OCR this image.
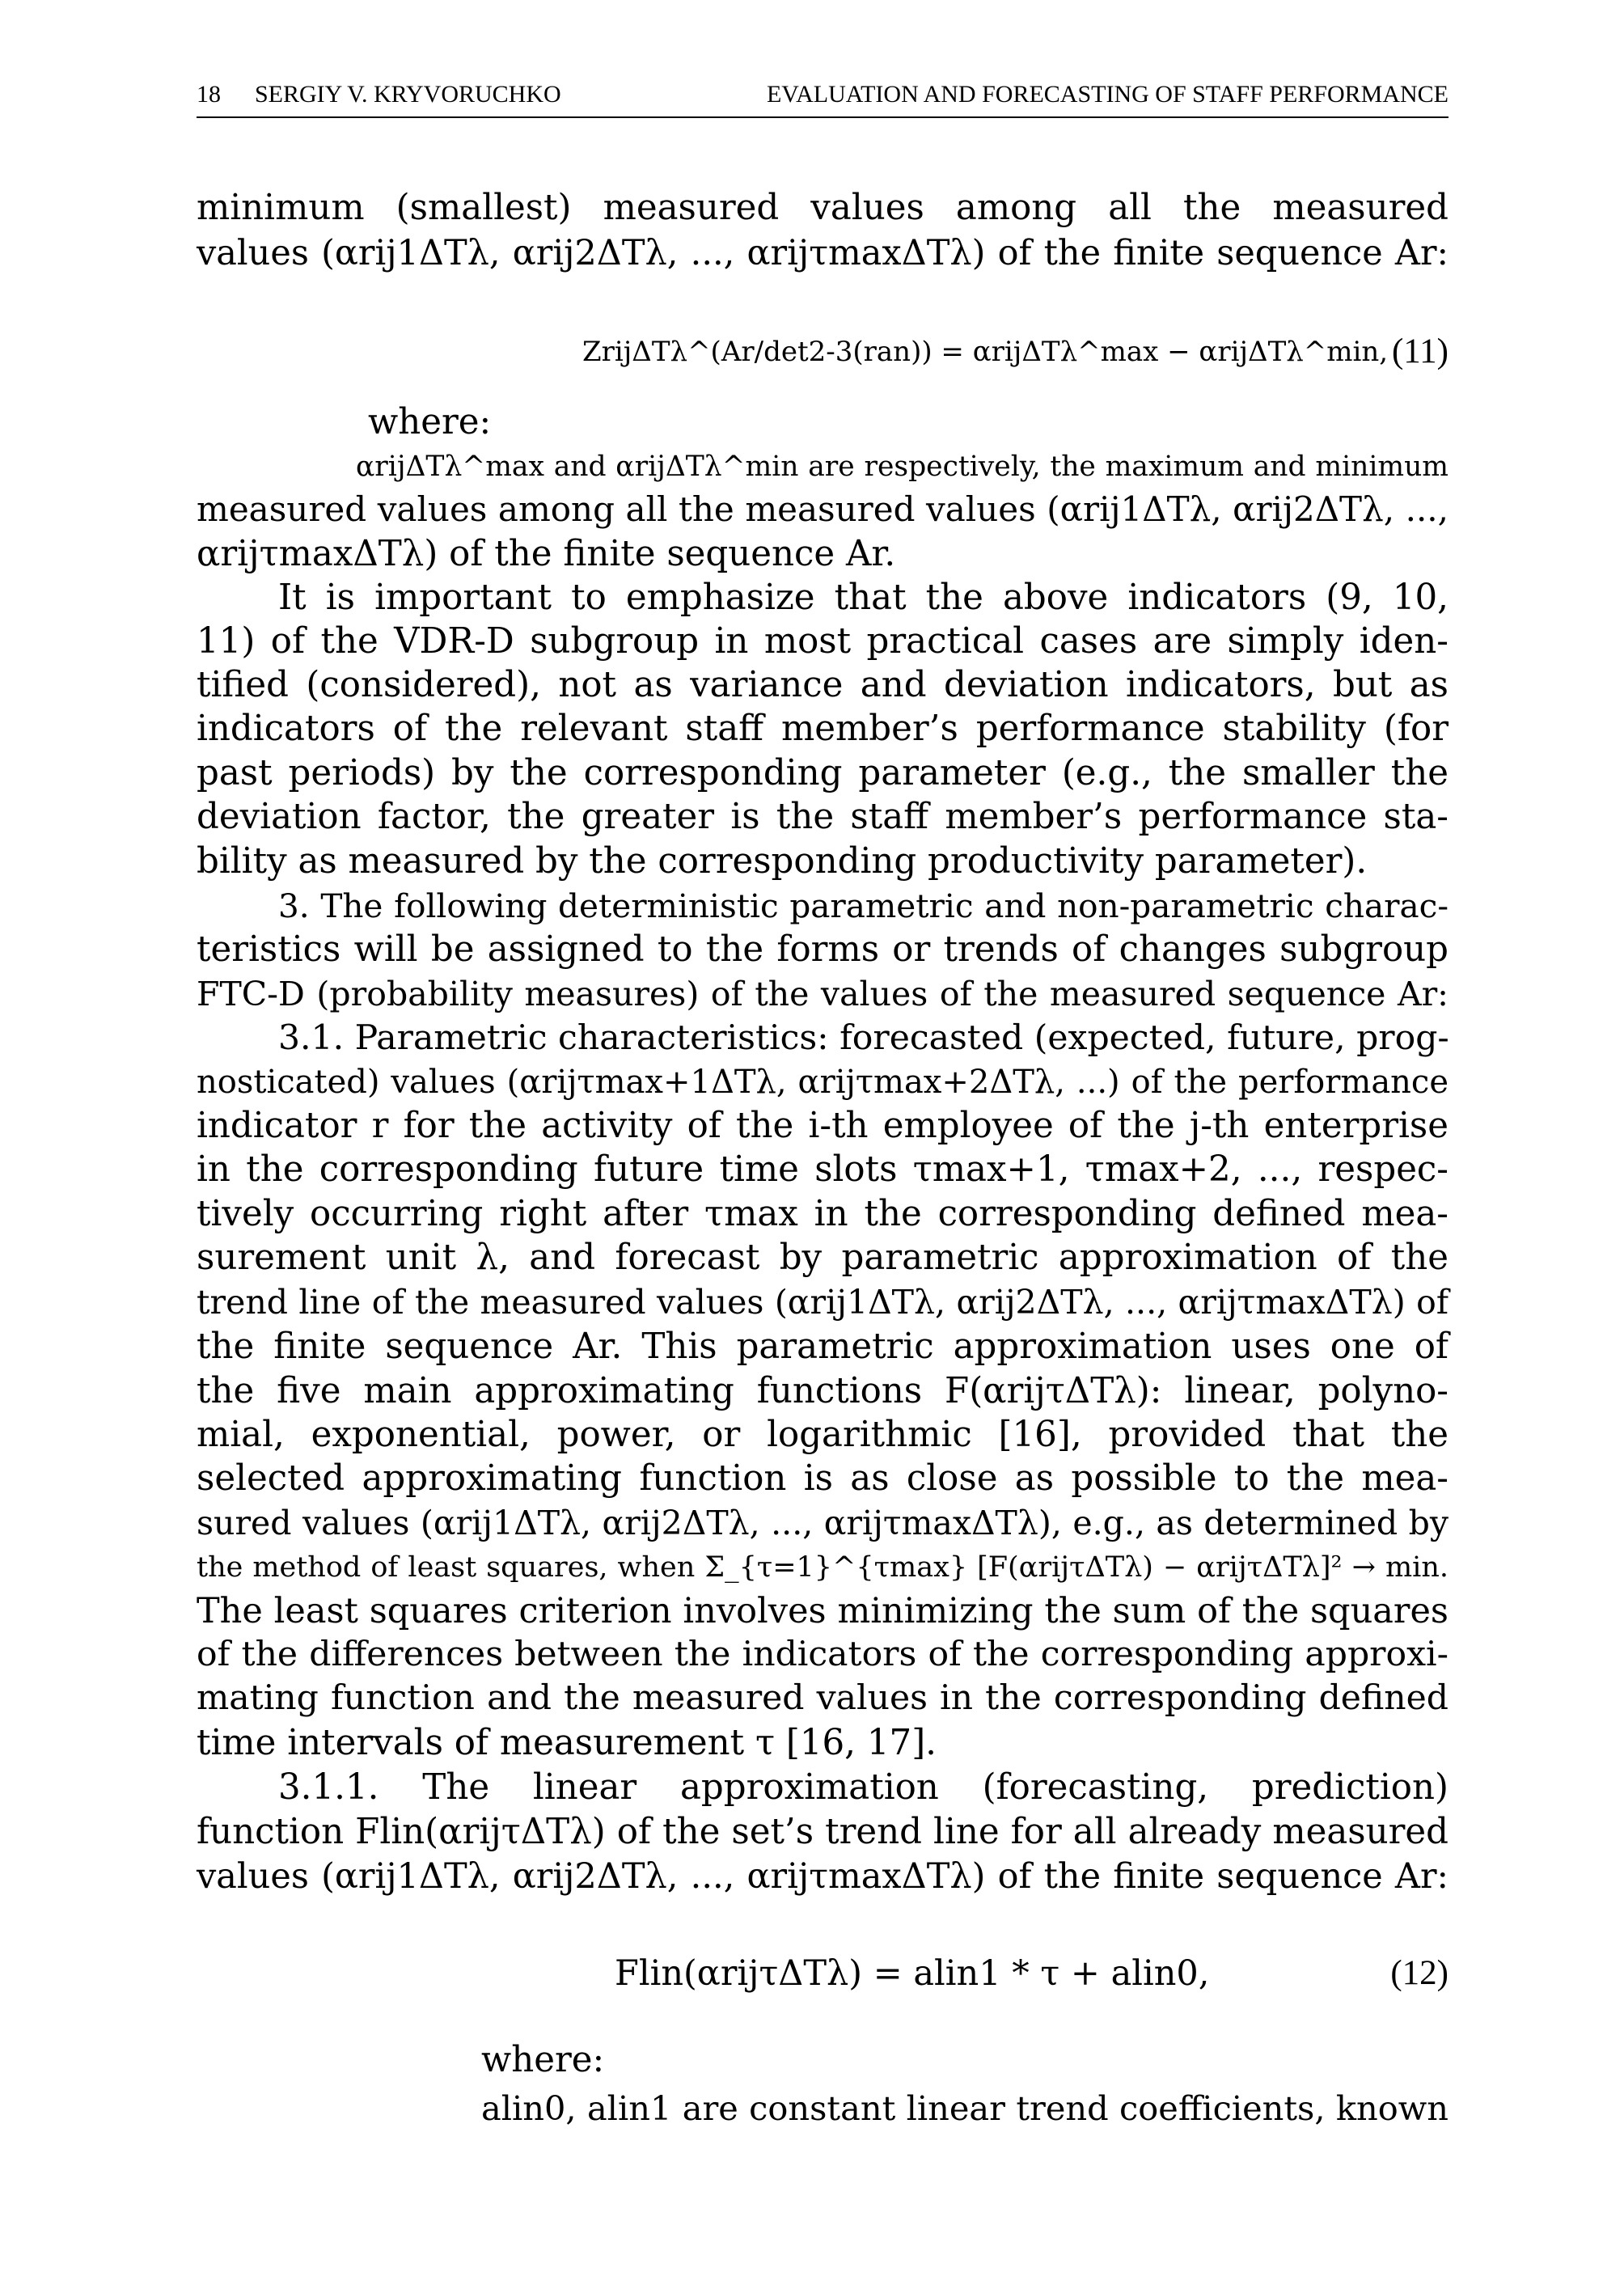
18 SERGIY V. KRYVORUCHKO	EVALUATION AND FORECASTING OF STAFF PERFORMANCE
minimum (smallest) measured values among all the measured
values (αrij1ΔTλ, αrij2ΔTλ, ..., αrijτmaxΔTλ) of the finite sequence Ar:
ZrijΔTλ^(Ar/det2-3(ran)) = αrijΔTλ^max − αrijΔTλ^min, (11)
where:
αrijΔTλ^max and αrijΔTλ^min are respectively, the maximum and minimum
measured values among all the measured values (αrij1ΔTλ, αrij2ΔTλ, ...,
αrijτmaxΔTλ) of the finite sequence Ar.
It is important to emphasize that the above indicators (9, 10,
11) of the VDR-D subgroup in most practical cases are simply iden-
tified (considered), not as variance and deviation indicators, but as
indicators of the relevant staff member’s performance stability (for
past periods) by the corresponding parameter (e.g., the smaller the
deviation factor, the greater is the staff member’s performance sta-
bility as measured by the corresponding productivity parameter).
3. The following deterministic parametric and non-parametric charac-
teristics will be assigned to the forms or trends of changes subgroup
FTC-D (probability measures) of the values of the measured sequence Ar:
3.1. Parametric characteristics: forecasted (expected, future, prog-
nosticated) values (αrijτmax+1ΔTλ, αrijτmax+2ΔTλ, ...) of the performance
indicator r for the activity of the i-th employee of the j-th enterprise
in the corresponding future time slots τmax+1, τmax+2, ..., respec-
tively occurring right after τmax in the corresponding defined mea-
surement unit λ, and forecast by parametric approximation of the
trend line of the measured values (αrij1ΔTλ, αrij2ΔTλ, ..., αrijτmaxΔTλ) of
the finite sequence Ar. This parametric approximation uses one of
the five main approximating functions F(αrijτΔTλ): linear, polyno-
mial, exponential, power, or logarithmic [16], provided that the
selected approximating function is as close as possible to the mea-
sured values (αrij1ΔTλ, αrij2ΔTλ, ..., αrijτmaxΔTλ), e.g., as determined by
the method of least squares, when Σ_{τ=1}^{τmax} [F(αrijτΔTλ) − αrijτΔTλ]² → min.
The least squares criterion involves minimizing the sum of the squares
of the differences between the indicators of the corresponding approxi-
mating function and the measured values in the corresponding defined
time intervals of measurement τ [16, 17].
3.1.1. The linear approximation (forecasting, prediction)
function Flin(αrijτΔTλ) of the set’s trend line for all already measured
values (αrij1ΔTλ, αrij2ΔTλ, ..., αrijτmaxΔTλ) of the finite sequence Ar:
Flin(αrijτΔTλ) = alin1 * τ + alin0,	(12)
where:
alin0, alin1 are constant linear trend coefficients, known
